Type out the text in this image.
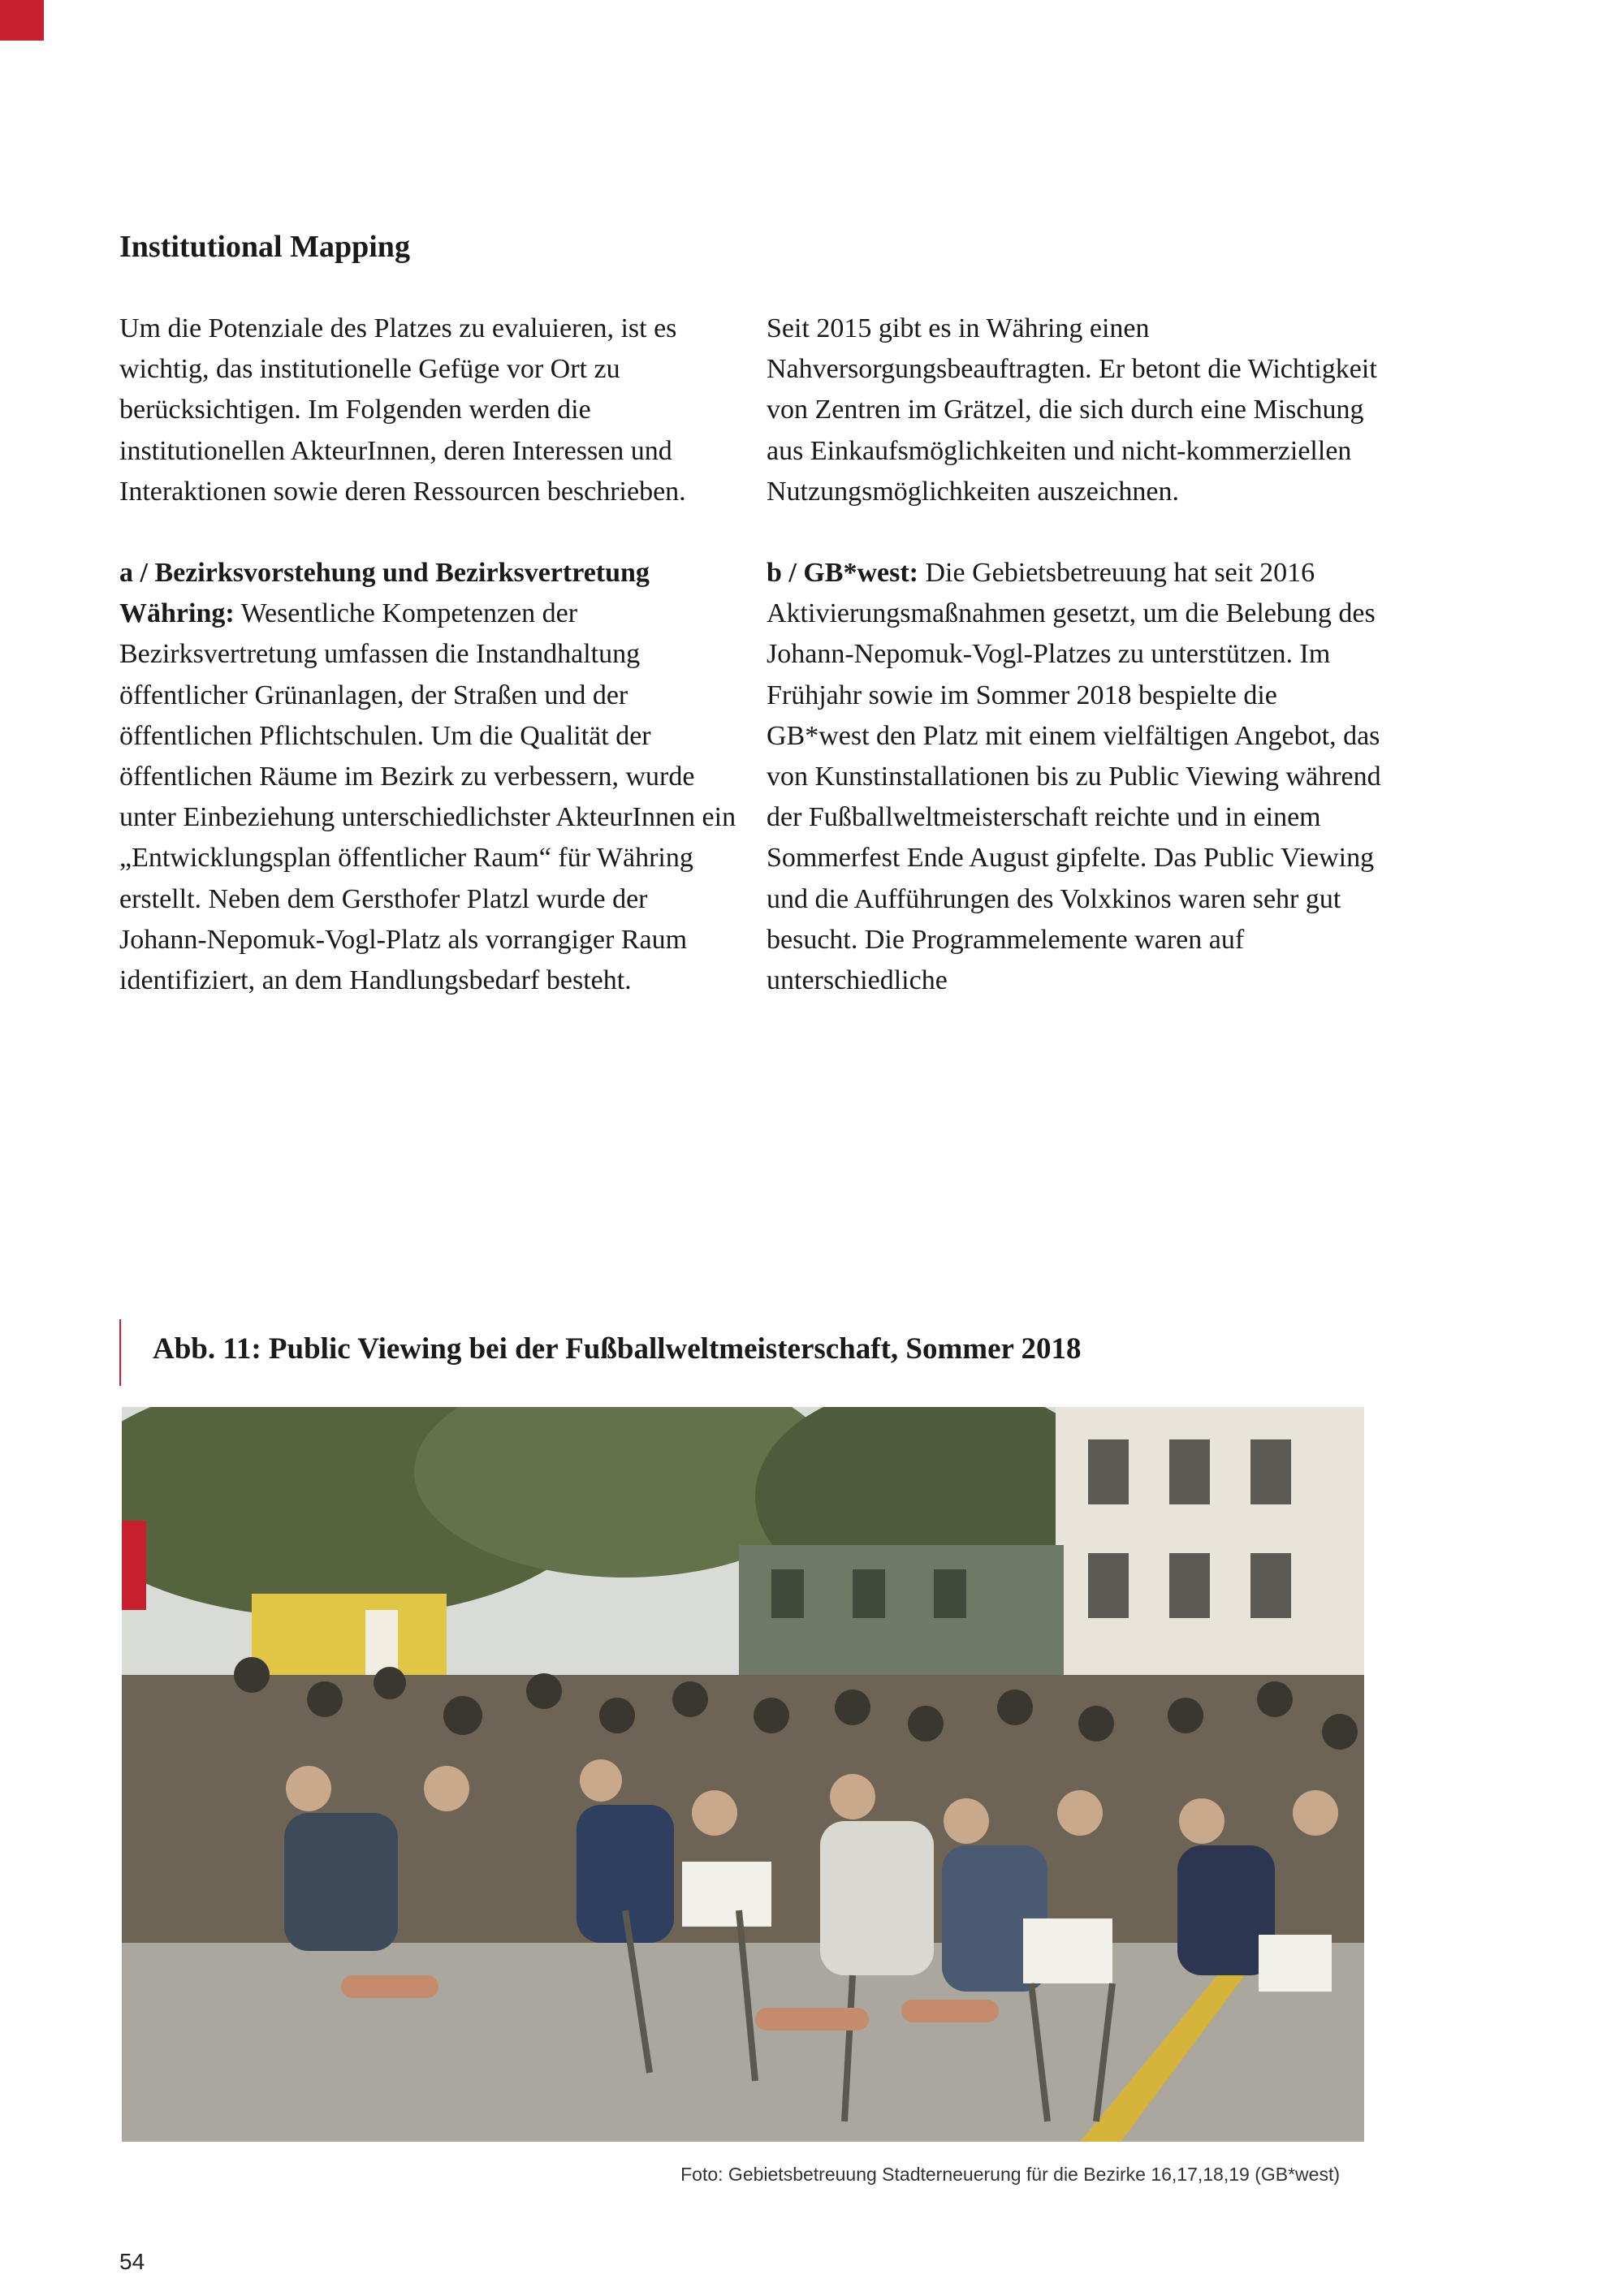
Institutional Mapping

Um die Potenziale des Platzes zu evaluieren, ist es wichtig, das institutionelle Gefüge vor Ort zu berücksichtigen. Im Folgenden werden die institutionellen AkteurInnen, deren Interessen und Interaktionen sowie deren Ressourcen beschrieben.

a / Bezirksvorstehung und Bezirksvertretung Währing: Wesentliche Kompetenzen der Bezirksvertretung umfassen die Instandhaltung öffentlicher Grünanlagen, der Straßen und der öffentlichen Pflichtschulen. Um die Qualität der öffentlichen Räume im Bezirk zu verbessern, wurde unter Einbeziehung unterschiedlichster AkteurInnen ein „Entwicklungsplan öffentlicher Raum“ für Währing erstellt. Neben dem Gersthofer Platzl wurde der Johann-Nepomuk-Vogl-Platz als vorrangiger Raum identifiziert, an dem Handlungsbedarf besteht.

Seit 2015 gibt es in Währing einen Nahversorgungsbeauftragten. Er betont die Wichtigkeit von Zentren im Grätzel, die sich durch eine Mischung aus Einkaufsmöglichkeiten und nicht-kommerziellen Nutzungsmöglichkeiten auszeichnen.

b / GB*west: Die Gebietsbetreuung hat seit 2016 Aktivierungsmaßnahmen gesetzt, um die Belebung des Johann-Nepomuk-Vogl-Platzes zu unterstützen. Im Frühjahr sowie im Sommer 2018 bespielte die GB*west den Platz mit einem vielfältigen Angebot, das von Kunstinstallationen bis zu Public Viewing während der Fußballweltmeisterschaft reichte und in einem Sommerfest Ende August gipfelte. Das Public Viewing und die Aufführungen des Volxkinos waren sehr gut besucht. Die Programmelemente waren auf unterschiedliche

Abb. 11: Public Viewing bei der Fußballweltmeisterschaft, Sommer 2018

Foto: Gebietsbetreuung Stadterneuerung für die Bezirke 16,17,18,19 (GB*west)

54
